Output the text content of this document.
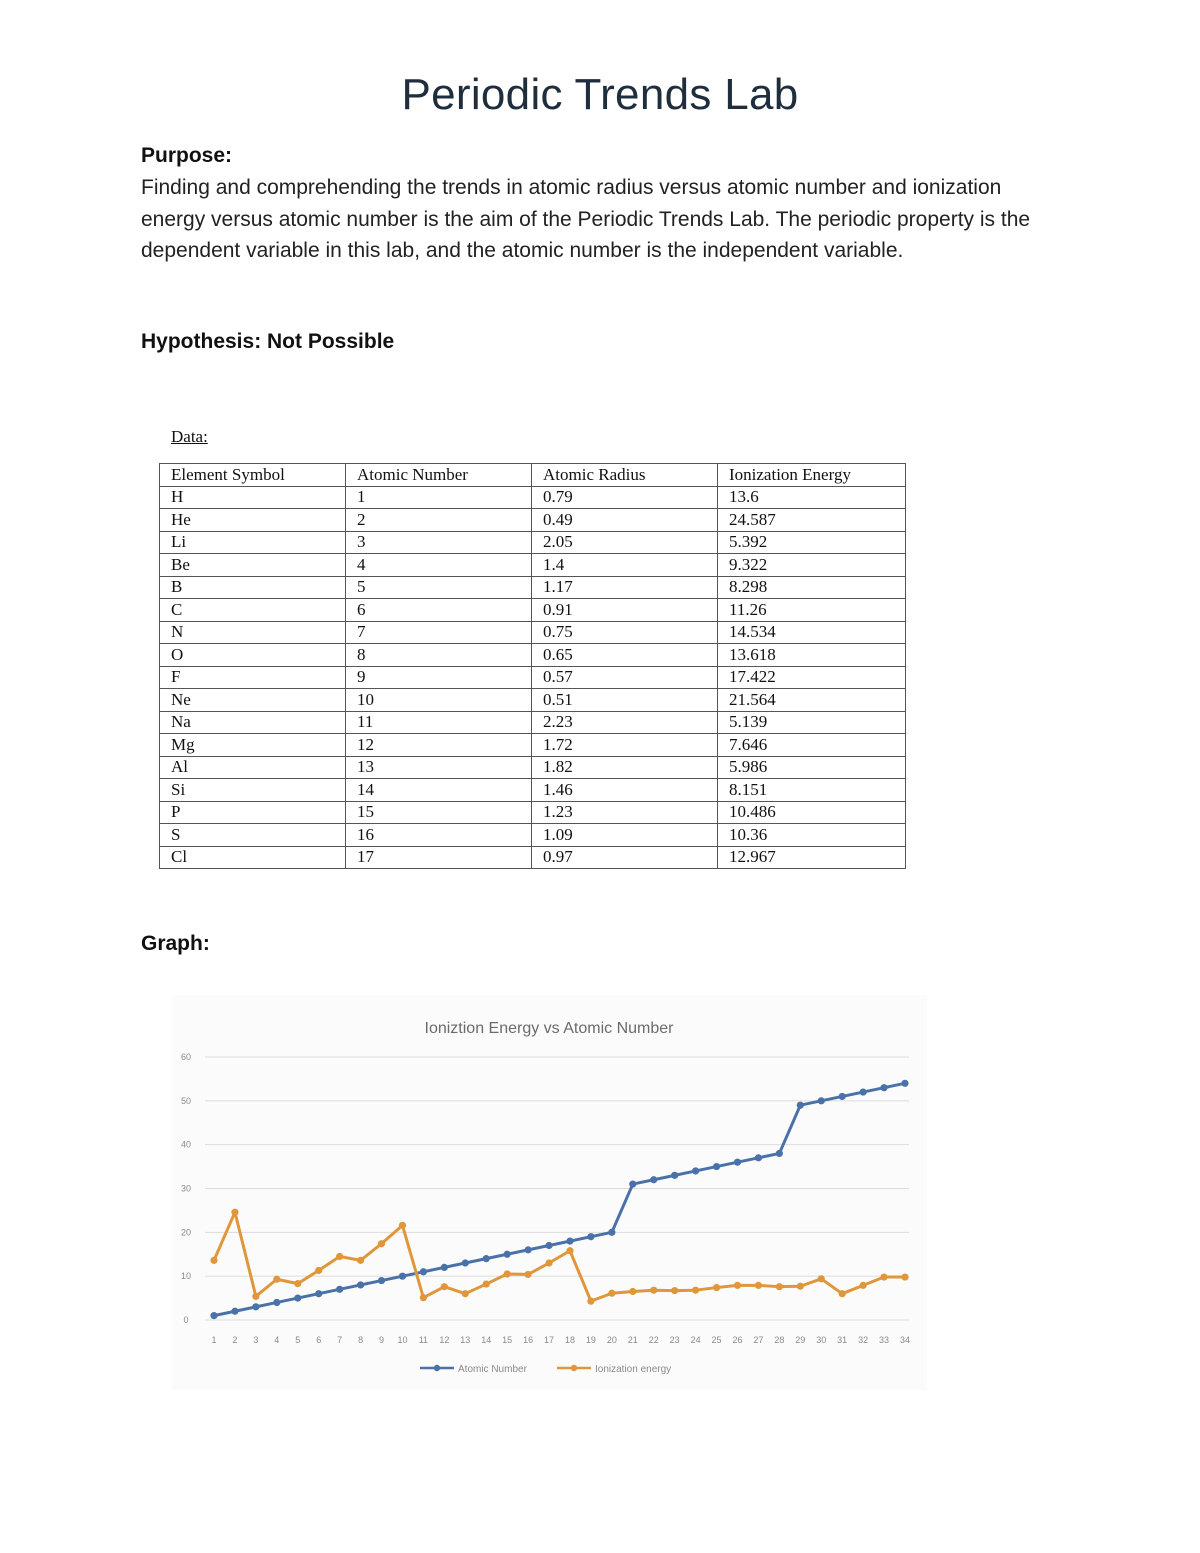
Periodic Trends Lab
Purpose:
Finding and comprehending the trends in atomic radius versus atomic number and ionization energy versus atomic number is the aim of the Periodic Trends Lab. The periodic property is the dependent variable in this lab, and the atomic number is the independent variable.
Hypothesis: Not Possible
Data:
Element Symbol	Atomic Number	Atomic Radius	Ionization Energy
H	1	0.79	13.6
He	2	0.49	24.587
Li	3	2.05	5.392
Be	4	1.4	9.322
B	5	1.17	8.298
C	6	0.91	11.26
N	7	0.75	14.534
O	8	0.65	13.618
F	9	0.57	17.422
Ne	10	0.51	21.564
Na	11	2.23	5.139
Mg	12	1.72	7.646
Al	13	1.82	5.986
Si	14	1.46	8.151
P	15	1.23	10.486
S	16	1.09	10.36
Cl	17	0.97	12.967
Graph:
Ioniztion Energy vs Atomic Number
0
10
20
30
40
50
60
1 2 3 4 5 6 7 8 9 10 11 12 13 14 15 16 17 18 19 20 21 22 23 24 25 26 27 28 29 30 31 32 33 34
Atomic Number	Ionization energy
